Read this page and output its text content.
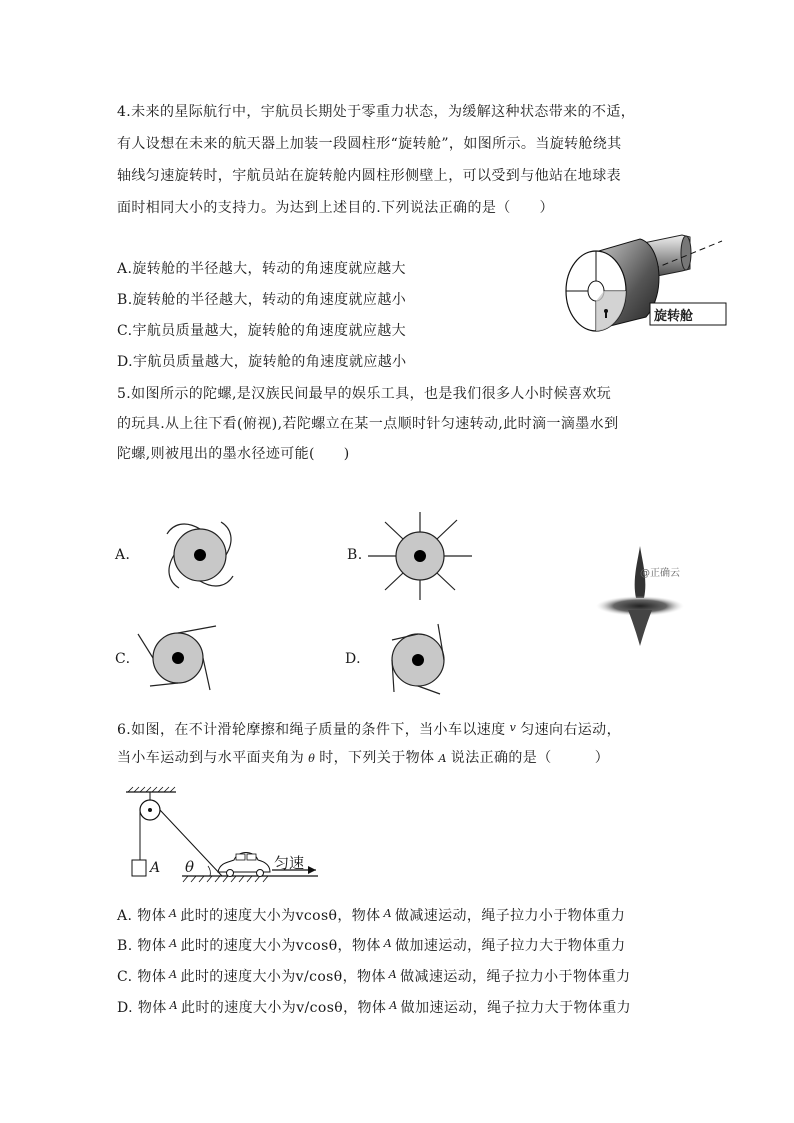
4.未来的星际航行中，宇航员长期处于零重力状态，为缓解这种状态带来的不适，
有人设想在未来的航天器上加装一段圆柱形“旋转舱”，如图所示。当旋转舱绕其
轴线匀速旋转时，宇航员站在旋转舱内圆柱形侧壁上，可以受到与他站在地球表
面时相同大小的支持力。为达到上述目的.下列说法正确的是（　　）
A.旋转舱的半径越大，转动的角速度就应越大
B.旋转舱的半径越大，转动的角速度就应越小
C.宇航员质量越大，旋转舱的角速度就应越大
D.宇航员质量越大，旋转舱的角速度就应越小
旋转舱
5.如图所示的陀螺,是汉族民间最早的娱乐工具，也是我们很多人小时候喜欢玩
的玩具.从上往下看(俯视),若陀螺立在某一点顺时针匀速转动,此时滴一滴墨水到
陀螺,则被甩出的墨水径迹可能(　　)
A．	B.
C.	D.
@正确云
6.如图，在不计滑轮摩擦和绳子质量的条件下，当小车以速度 $^v$ 匀速向右运动，
当小车运动到与水平面夹角为 θ 时，下列关于物体 A 说法正确的是（　　　）
θ
A	匀速
A. 物体 $^A$ 此时的速度大小为vcosθ，物体 $^A$ 做减速运动，绳子拉力小于物体重力
B. 物体 $^A$ 此时的速度大小为vcosθ，物体 $^A$ 做加速运动，绳子拉力大于物体重力
C. 物体 $^A$ 此时的速度大小为v/cosθ，物体 $^A$ 做减速运动，绳子拉力小于物体重力
D. 物体 $^A$ 此时的速度大小为v/cosθ，物体 $^A$ 做加速运动，绳子拉力大于物体重力
